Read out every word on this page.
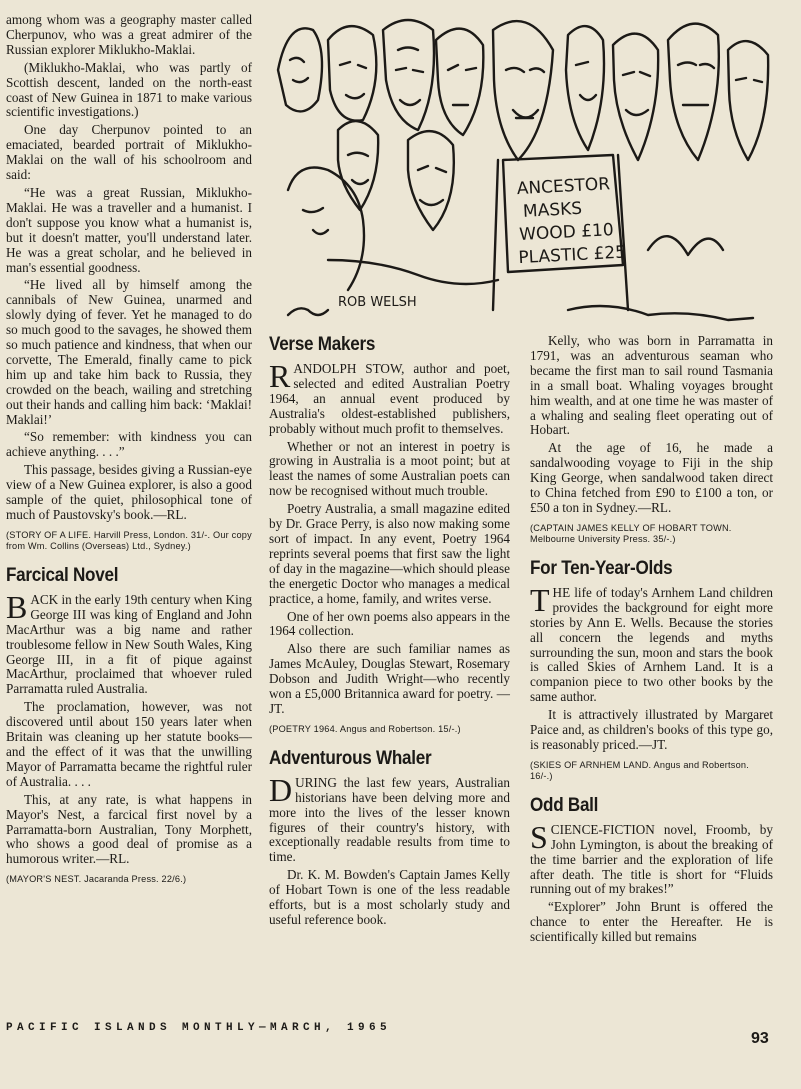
among whom was a geography master called Cherpunov, who was a great admirer of the Russian explorer Miklukho-Maklai.

(Miklukho-Maklai, who was partly of Scottish descent, landed on the north-east coast of New Guinea in 1871 to make various scientific investigations.)

One day Cherpunov pointed to an emaciated, bearded portrait of Miklukho-Maklai on the wall of his schoolroom and said:

“He was a great Russian, Miklukho-Maklai. He was a traveller and a humanist. I don't suppose you know what a humanist is, but it doesn't matter, you'll understand later. He was a great scholar, and he believed in man's essential goodness.

“He lived all by himself among the cannibals of New Guinea, unarmed and slowly dying of fever. Yet he managed to do so much good to the savages, he showed them so much patience and kindness, that when our corvette, The Emerald, finally came to pick him up and take him back to Russia, they crowded on the beach, wailing and stretching out their hands and calling him back: ‘Maklai! Maklai!’

“So remember: with kindness you can achieve anything. . . .”

This passage, besides giving a Russian-eye view of a New Guinea explorer, is also a good sample of the quiet, philosophical tone of much of Paustovsky's book.—RL.

(STORY OF A LIFE. Harvill Press, London. 31/-. Our copy from Wm. Collins (Overseas) Ltd., Sydney.)
Farcical Novel

BACK in the early 19th century when King George III was king of England and John MacArthur was a big name and rather troublesome fellow in New South Wales, King George III, in a fit of pique against MacArthur, proclaimed that whoever ruled Parramatta ruled Australia.

The proclamation, however, was not discovered until about 150 years later when Britain was cleaning up her statute books—and the effect of it was that the unwilling Mayor of Parramatta became the rightful ruler of Australia. . . .

This, at any rate, is what happens in Mayor's Nest, a farcical first novel by a Parramatta-born Australian, Tony Morphett, who shows a good deal of promise as a humorous writer.—RL.

(MAYOR'S NEST. Jacaranda Press. 22/6.)
ANCESTOR
MASKS
WOOD £10
PLASTIC £25
ROB WELSH
Verse Makers

RANDOLPH STOW, author and poet, selected and edited Australian Poetry 1964, an annual event produced by Australia's oldest-established publishers, probably without much profit to themselves.

Whether or not an interest in poetry is growing in Australia is a moot point; but at least the names of some Australian poets can now be recognised without much trouble.

Poetry Australia, a small magazine edited by Dr. Grace Perry, is also now making some sort of impact. In any event, Poetry 1964 reprints several poems that first saw the light of day in the magazine—which should please the energetic Doctor who manages a medical practice, a home, family, and writes verse.

One of her own poems also appears in the 1964 collection.

Also there are such familiar names as James McAuley, Douglas Stewart, Rosemary Dobson and Judith Wright—who recently won a £5,000 Britannica award for poetry. —JT.

(POETRY 1964. Angus and Robertson. 15/-.)
Adventurous Whaler

DURING the last few years, Australian historians have been delving more and more into the lives of the lesser known figures of their country's history, with exceptionally readable results from time to time.

Dr. K. M. Bowden's Captain James Kelly of Hobart Town is one of the less readable efforts, but is a most scholarly study and useful reference book.

Kelly, who was born in Parramatta in 1791, was an adventurous seaman who became the first man to sail round Tasmania in a small boat. Whaling voyages brought him wealth, and at one time he was master of a whaling and sealing fleet operating out of Hobart.

At the age of 16, he made a sandalwooding voyage to Fiji in the ship King George, when sandalwood taken direct to China fetched from £90 to £100 a ton, or £50 a ton in Sydney.—RL.

(CAPTAIN JAMES KELLY OF HOBART TOWN. Melbourne University Press. 35/-.)
For Ten-Year-Olds

THE life of today's Arnhem Land children provides the background for eight more stories by Ann E. Wells. Because the stories all concern the legends and myths surrounding the sun, moon and stars the book is called Skies of Arnhem Land. It is a companion piece to two other books by the same author.

It is attractively illustrated by Margaret Paice and, as children's books of this type go, is reasonably priced.—JT.

(SKIES OF ARNHEM LAND. Angus and Robertson. 16/-.)
Odd Ball

SCIENCE-FICTION novel, Froomb, by John Lymington, is about the breaking of the time barrier and the exploration of life after death. The title is short for “Fluids running out of my brakes!”

“Explorer” John Brunt is offered the chance to enter the Hereafter. He is scientifically killed but remains

PACIFIC ISLANDS MONTHLY—MARCH, 1965
93
